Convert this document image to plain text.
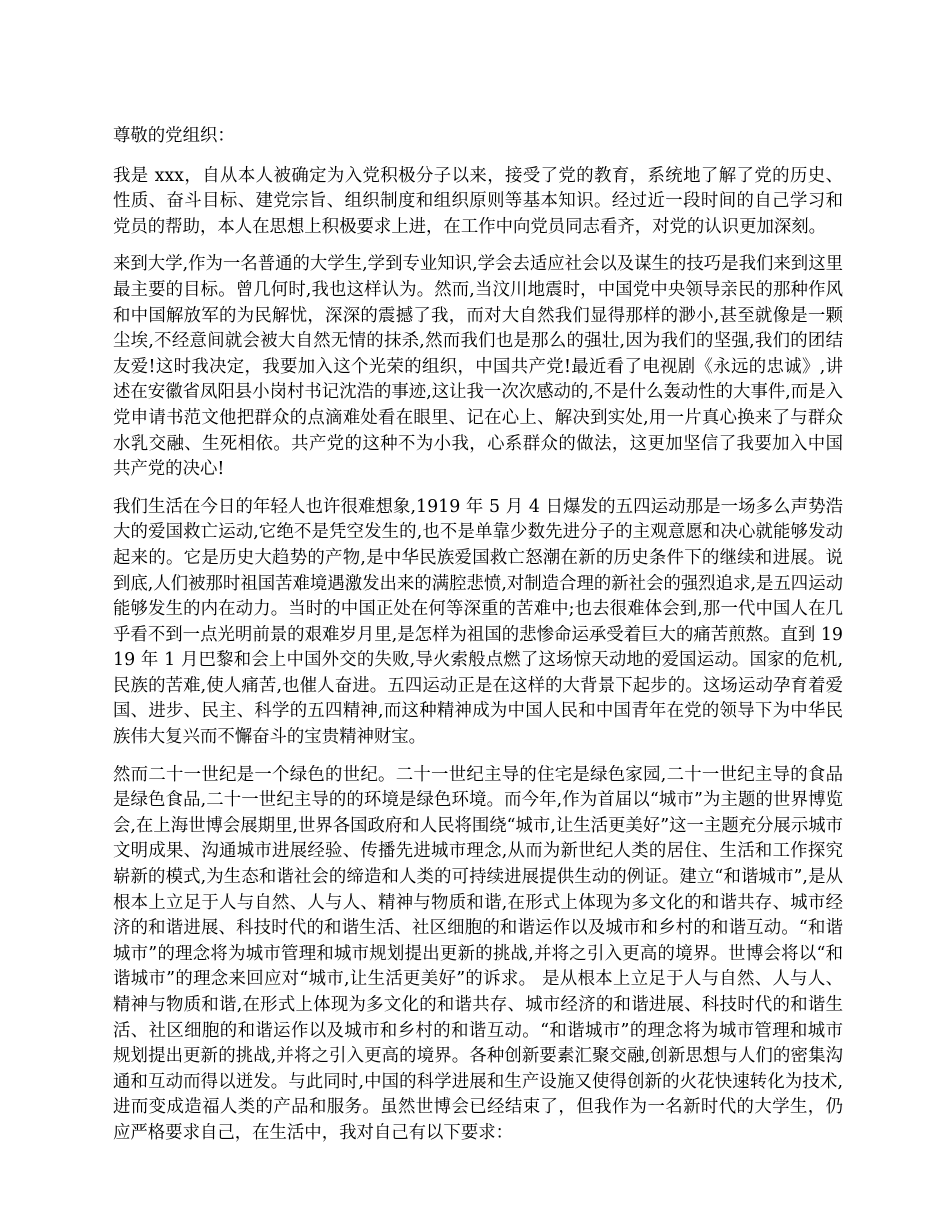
尊敬的党组织：

我是 xxx，自从本人被确定为入党积极分子以来，接受了党的教育，系统地了解了党的历史、性质、奋斗目标、建党宗旨、组织制度和组织原则等基本知识。经过近一段时间的自己学习和党员的帮助，本人在思想上积极要求上进，在工作中向党员同志看齐，对党的认识更加深刻。

来到大学,作为一名普通的大学生,学到专业知识,学会去适应社会以及谋生的技巧是我们来到这里最主要的目标。曾几何时,我也这样认为。然而,当汶川地震时，中国党中央领导亲民的那种作风和中国解放军的为民解忧，深深的震撼了我，而对大自然我们显得那样的渺小,甚至就像是一颗尘埃,不经意间就会被大自然无情的抹杀,然而我们也是那么的强壮,因为我们的坚强,我们的团结友爱!这时我决定，我要加入这个光荣的组织，中国共产党!最近看了电视剧《永远的忠诚》,讲述在安徽省凤阳县小岗村书记沈浩的事迹,这让我一次次感动的,不是什么轰动性的大事件,而是入党申请书范文他把群众的点滴难处看在眼里、记在心上、解决到实处,用一片真心换来了与群众水乳交融、生死相依。共产党的这种不为小我，心系群众的做法，这更加坚信了我要加入中国共产党的决心!

我们生活在今日的年轻人也许很难想象,1919 年 5 月 4 日爆发的五四运动那是一场多么声势浩大的爱国救亡运动,它绝不是凭空发生的,也不是单靠少数先进分子的主观意愿和决心就能够发动起来的。它是历史大趋势的产物,是中华民族爱国救亡怒潮在新的历史条件下的继续和进展。说到底,人们被那时祖国苦难境遇激发出来的满腔悲愤,对制造合理的新社会的强烈追求,是五四运动能够发生的内在动力。当时的中国正处在何等深重的苦难中;也去很难体会到,那一代中国人在几乎看不到一点光明前景的艰难岁月里,是怎样为祖国的悲惨命运承受着巨大的痛苦煎熬。直到 1919 年 1 月巴黎和会上中国外交的失败,导火索般点燃了这场惊天动地的爱国运动。国家的危机,民族的苦难,使人痛苦,也催人奋进。五四运动正是在这样的大背景下起步的。这场运动孕育着爱国、进步、民主、科学的五四精神,而这种精神成为中国人民和中国青年在党的领导下为中华民族伟大复兴而不懈奋斗的宝贵精神财宝。

然而二十一世纪是一个绿色的世纪。二十一世纪主导的住宅是绿色家园,二十一世纪主导的食品是绿色食品,二十一世纪主导的的环境是绿色环境。而今年,作为首届以“城市”为主题的世界博览会,在上海世博会展期里,世界各国政府和人民将围绕“城市,让生活更美好”这一主题充分展示城市文明成果、沟通城市进展经验、传播先进城市理念,从而为新世纪人类的居住、生活和工作探究崭新的模式,为生态和谐社会的缔造和人类的可持续进展提供生动的例证。建立“和谐城市”,是从根本上立足于人与自然、人与人、精神与物质和谐,在形式上体现为多文化的和谐共存、城市经济的和谐进展、科技时代的和谐生活、社区细胞的和谐运作以及城市和乡村的和谐互动。“和谐城市”的理念将为城市管理和城市规划提出更新的挑战,并将之引入更高的境界。世博会将以“和谐城市”的理念来回应对“城市,让生活更美好”的诉求。 是从根本上立足于人与自然、人与人、精神与物质和谐,在形式上体现为多文化的和谐共存、城市经济的和谐进展、科技时代的和谐生活、社区细胞的和谐运作以及城市和乡村的和谐互动。“和谐城市”的理念将为城市管理和城市规划提出更新的挑战,并将之引入更高的境界。各种创新要素汇聚交融,创新思想与人们的密集沟通和互动而得以迸发。与此同时,中国的科学进展和生产设施又使得创新的火花快速转化为技术,进而变成造福人类的产品和服务。虽然世博会已经结束了，但我作为一名新时代的大学生，仍应严格要求自己，在生活中，我对自己有以下要求：
